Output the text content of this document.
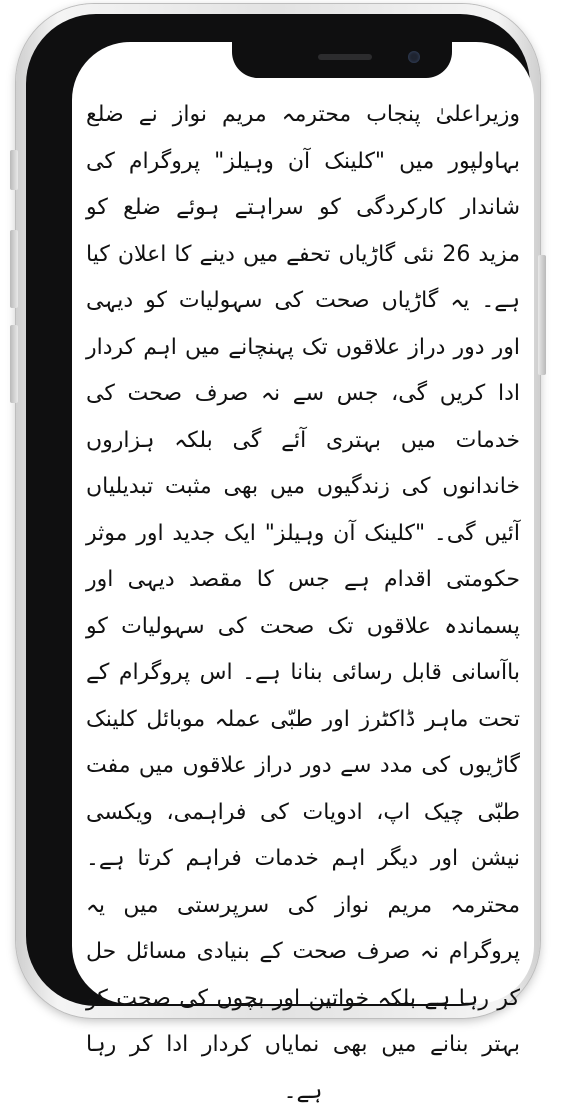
وزیراعلیٰ پنجاب محترمہ مریم نواز نے ضلع بہاولپور میں "کلینک آن وہیلز" پروگرام کی شاندار کارکردگی کو سراہتے ہوئے ضلع کو مزید 26 نئی گاڑیاں تحفے میں دینے کا اعلان کیا ہے۔ یہ گاڑیاں صحت کی سہولیات کو دیہی اور دور دراز علاقوں تک پہنچانے میں اہم کردار ادا کریں گی، جس سے نہ صرف صحت کی خدمات میں بہتری آئے گی بلکہ ہزاروں خاندانوں کی زندگیوں میں بھی مثبت تبدیلیاں آئیں گی۔ "کلینک آن وہیلز" ایک جدید اور موثر حکومتی اقدام ہے جس کا مقصد دیہی اور پسماندہ علاقوں تک صحت کی سہولیات کو باآسانی قابل رسائی بنانا ہے۔ اس پروگرام کے تحت ماہر ڈاکٹرز اور طبّی عملہ موبائل کلینک گاڑیوں کی مدد سے دور دراز علاقوں میں مفت طبّی چیک اپ، ادویات کی فراہمی، ویکسی نیشن اور دیگر اہم خدمات فراہم کرتا ہے۔ محترمہ مریم نواز کی سرپرستی میں یہ پروگرام نہ صرف صحت کے بنیادی مسائل حل کر رہا ہے بلکہ خواتین اور بچوں کی صحت کو بہتر بنانے میں بھی نمایاں کردار ادا کر رہا ہے۔
